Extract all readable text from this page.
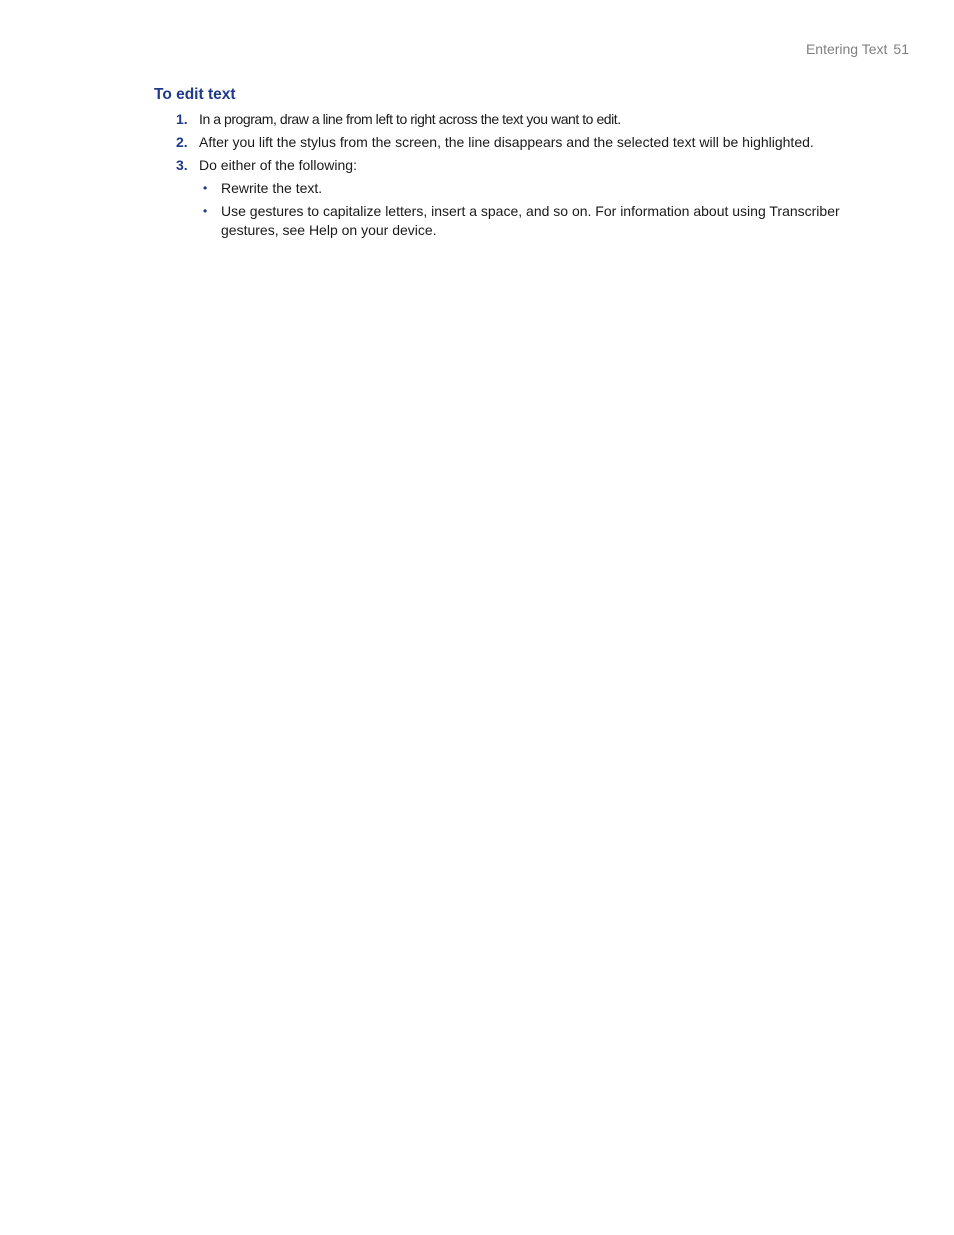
Entering Text 51
To edit text
1. In a program, draw a line from left to right across the text you want to edit.
2. After you lift the stylus from the screen, the line disappears and the selected text will be highlighted.
3. Do either of the following:
• Rewrite the text.
• Use gestures to capitalize letters, insert a space, and so on. For information about using Transcriber gestures, see Help on your device.
